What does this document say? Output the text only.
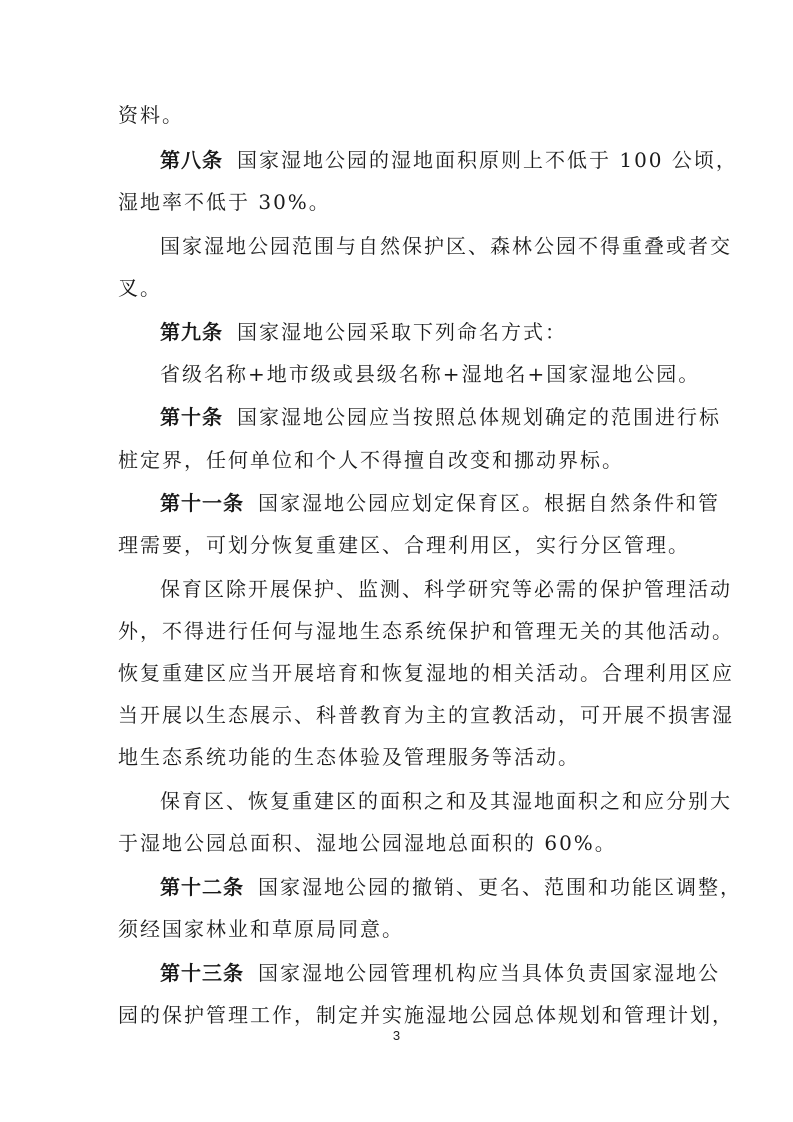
资料。
第八条 国家湿地公园的湿地面积原则上不低于 100 公顷，
湿地率不低于 30%。
国家湿地公园范围与自然保护区、森林公园不得重叠或者交
叉。
第九条 国家湿地公园采取下列命名方式：
省级名称+地市级或县级名称+湿地名+国家湿地公园。
第十条 国家湿地公园应当按照总体规划确定的范围进行标
桩定界，任何单位和个人不得擅自改变和挪动界标。
第十一条 国家湿地公园应划定保育区。根据自然条件和管
理需要，可划分恢复重建区、合理利用区，实行分区管理。
保育区除开展保护、监测、科学研究等必需的保护管理活动
外，不得进行任何与湿地生态系统保护和管理无关的其他活动。
恢复重建区应当开展培育和恢复湿地的相关活动。合理利用区应
当开展以生态展示、科普教育为主的宣教活动，可开展不损害湿
地生态系统功能的生态体验及管理服务等活动。
保育区、恢复重建区的面积之和及其湿地面积之和应分别大
于湿地公园总面积、湿地公园湿地总面积的 60%。
第十二条 国家湿地公园的撤销、更名、范围和功能区调整，
须经国家林业和草原局同意。
第十三条 国家湿地公园管理机构应当具体负责国家湿地公
园的保护管理工作，制定并实施湿地公园总体规划和管理计划，
3
